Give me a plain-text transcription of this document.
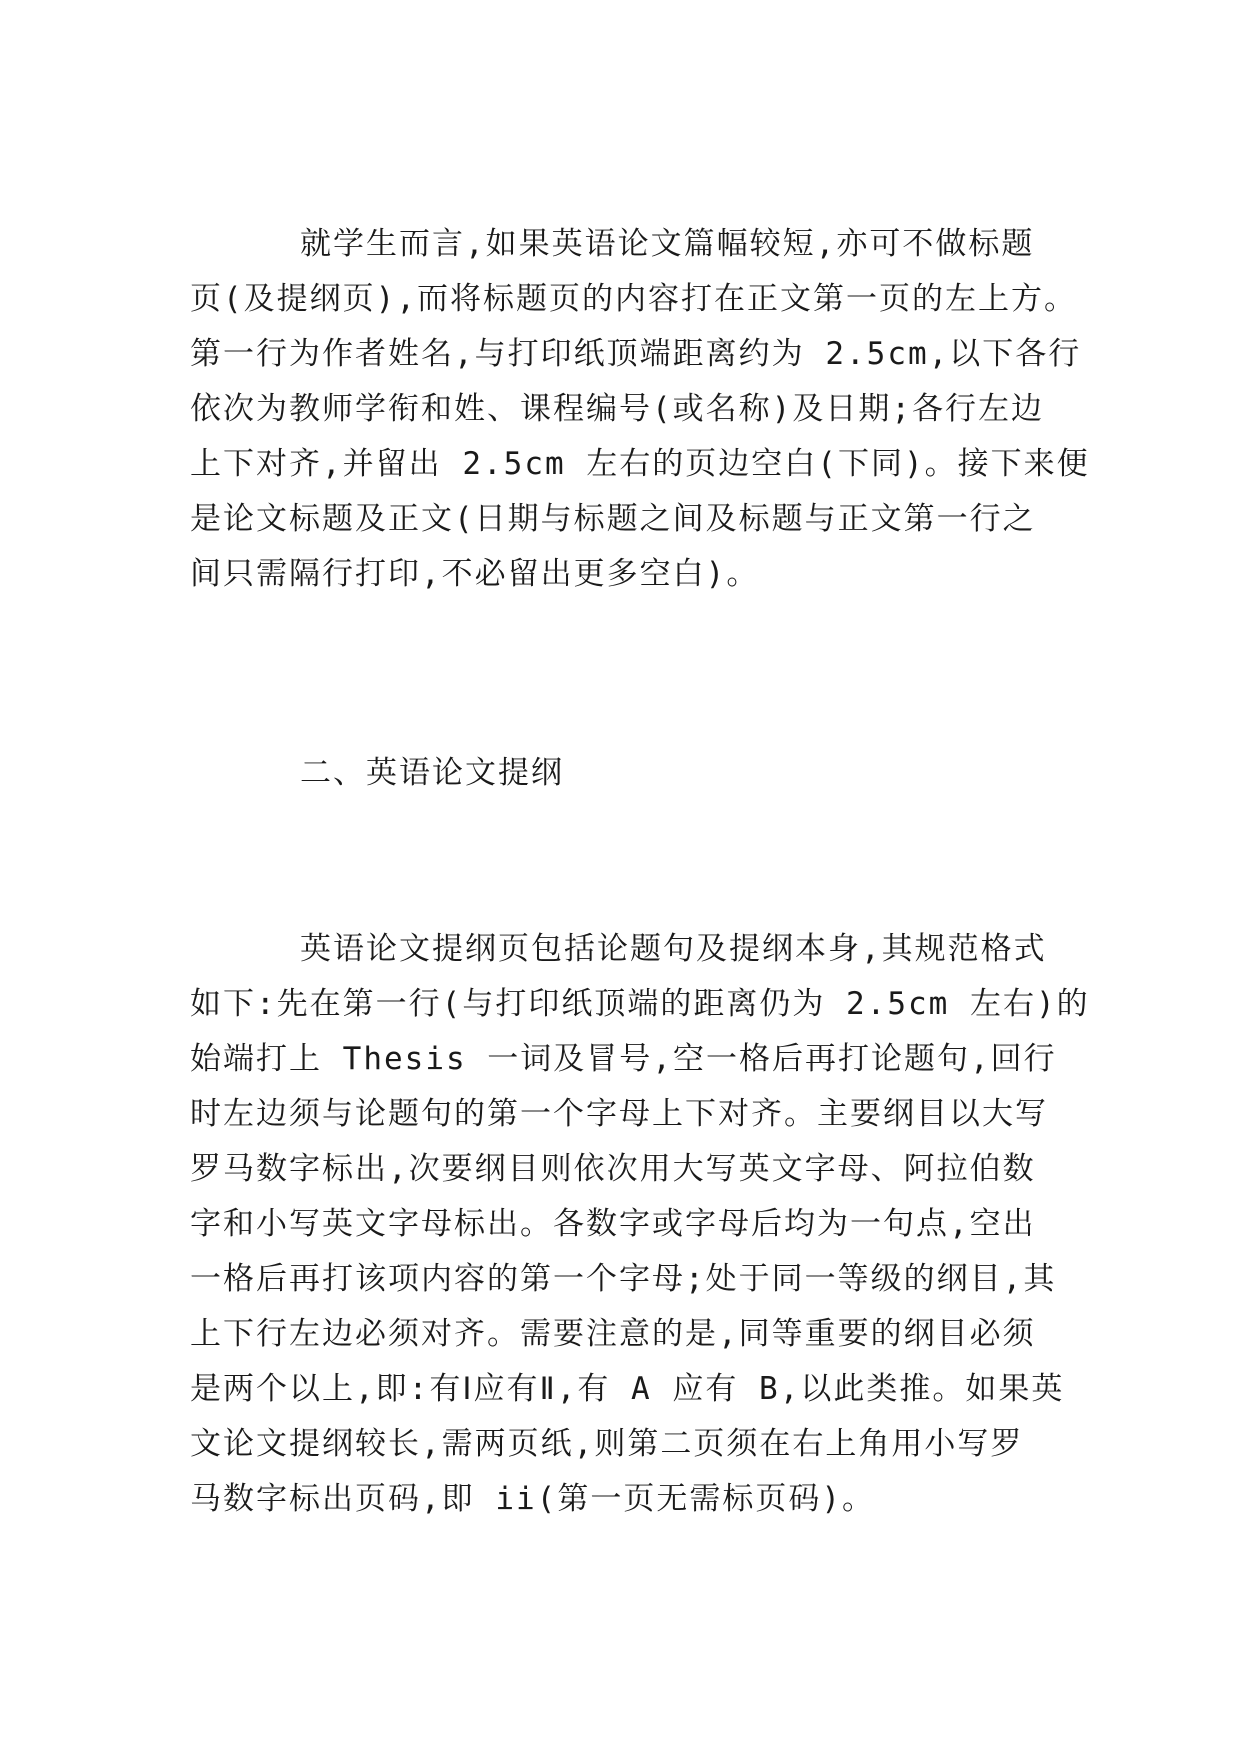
就学生而言,如果英语论文篇幅较短,亦可不做标题
页(及提纲页),而将标题页的内容打在正文第一页的左上方。
第一行为作者姓名,与打印纸顶端距离约为 2.5cm,以下各行
依次为教师学衔和姓、课程编号(或名称)及日期;各行左边
上下对齐,并留出 2.5cm 左右的页边空白(下同)。接下来便
是论文标题及正文(日期与标题之间及标题与正文第一行之
间只需隔行打印,不必留出更多空白)。
二、英语论文提纲
英语论文提纲页包括论题句及提纲本身,其规范格式
如下:先在第一行(与打印纸顶端的距离仍为 2.5cm 左右)的
始端打上 Thesis 一词及冒号,空一格后再打论题句,回行
时左边须与论题句的第一个字母上下对齐。主要纲目以大写
罗马数字标出,次要纲目则依次用大写英文字母、阿拉伯数
字和小写英文字母标出。各数字或字母后均为一句点,空出
一格后再打该项内容的第一个字母;处于同一等级的纲目,其
上下行左边必须对齐。需要注意的是,同等重要的纲目必须
是两个以上,即:有Ⅰ应有Ⅱ,有 A 应有 B,以此类推。如果英
文论文提纲较长,需两页纸,则第二页须在右上角用小写罗
马数字标出页码,即 ii(第一页无需标页码)。
